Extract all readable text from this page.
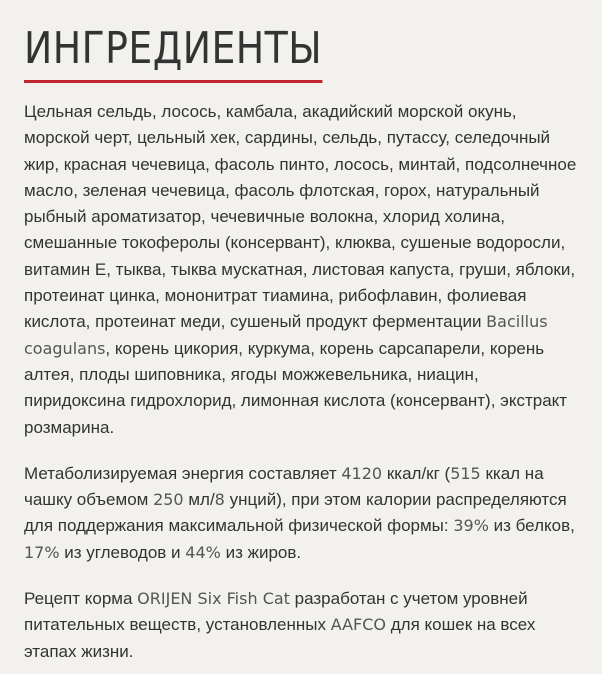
ИНГРЕДИЕНТЫ

Цельная сельдь, лосось, камбала, акадийский морской окунь, морской черт, цельный хек, сардины, сельдь, путассу, селедочный жир, красная чечевица, фасоль пинто, лосось, минтай, подсолнечное масло, зеленая чечевица, фасоль флотская, горох, натуральный рыбный ароматизатор, чечевичные волокна, хлорид холина, смешанные токоферолы (консервант), клюква, сушеные водоросли, витамин Е, тыква, тыква мускатная, листовая капуста, груши, яблоки, протеинат цинка, мононитрат тиамина, рибофлавин, фолиевая кислота, протеинат меди, сушеный продукт ферментации Bacillus coagulans, корень цикория, куркума, корень сарсапарели, корень алтея, плоды шиповника, ягоды можжевельника, ниацин, пиридоксина гидрохлорид, лимонная кислота (консервант), экстракт розмарина.

Метаболизируемая энергия составляет 4120 ккал/кг (515 ккал на чашку объемом 250 мл/8 унций), при этом калории распределяются для поддержания максимальной физической формы: 39% из белков, 17% из углеводов и 44% из жиров.

Рецепт корма ORIJEN Six Fish Cat разработан с учетом уровней питательных веществ, установленных AAFCO для кошек на всех этапах жизни.
